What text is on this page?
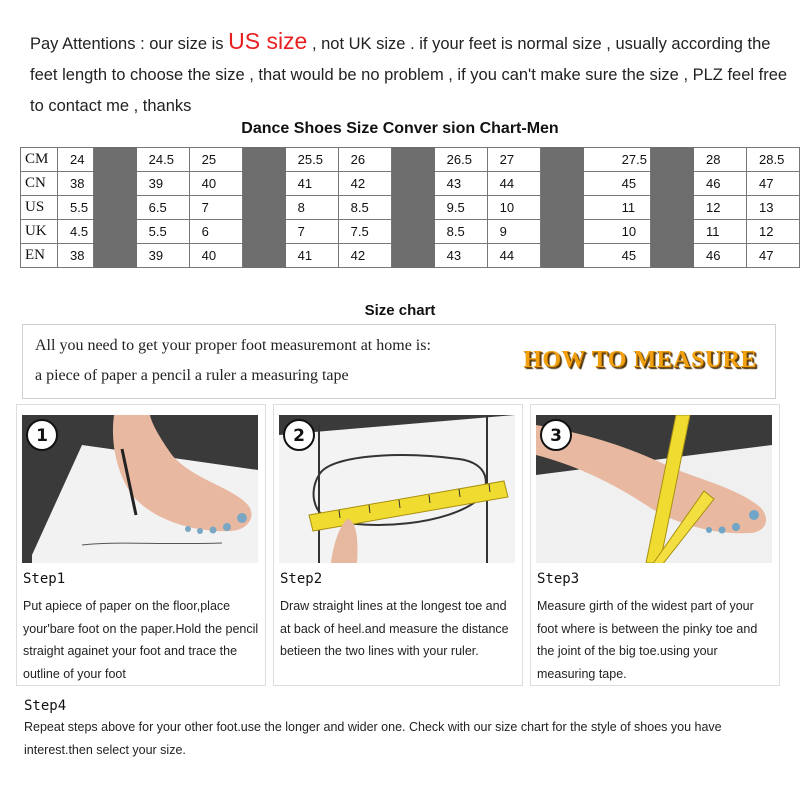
Pay Attentions : our size is US size , not UK size . if your feet is normal size , usually according the feet length to choose the size , that would be no problem , if you can't make sure the size , PLZ feel free to contact me , thanks
Dance Shoes Size Conver sion Chart-Men
CM	24		24.5	25		25.5	26		26.5	27		27.5		28	28.5
CN	38		39	40		41	42		43	44		45		46	47
US	5.5		6.5	7		8	8.5		9.5	10		11		12	13
UK	4.5		5.5	6		7	7.5		8.5	9		10		11	12
EN	38		39	40		41	42		43	44		45		46	47
Size chart
All you need to get your proper foot measuremont at home is:
a piece of paper a pencil a ruler a measuring tape
HOW TO MEASURE
1
Step1
Put apiece of paper on the floor,place your'bare foot on the paper.Hold the pencil straight againet your foot and trace the outline of your foot
2
Step2
Draw straight lines at the longest toe and at back of heel.and measure the distance betieen the two lines with your ruler.
3
Step3
Measure girth of the widest part of your foot where is between the pinky toe and the joint of the big toe.using your measuring tape.
Step4
Repeat steps above for your other foot.use the longer and wider one. Check with our size chart for the style of shoes you have interest.then select your size.
